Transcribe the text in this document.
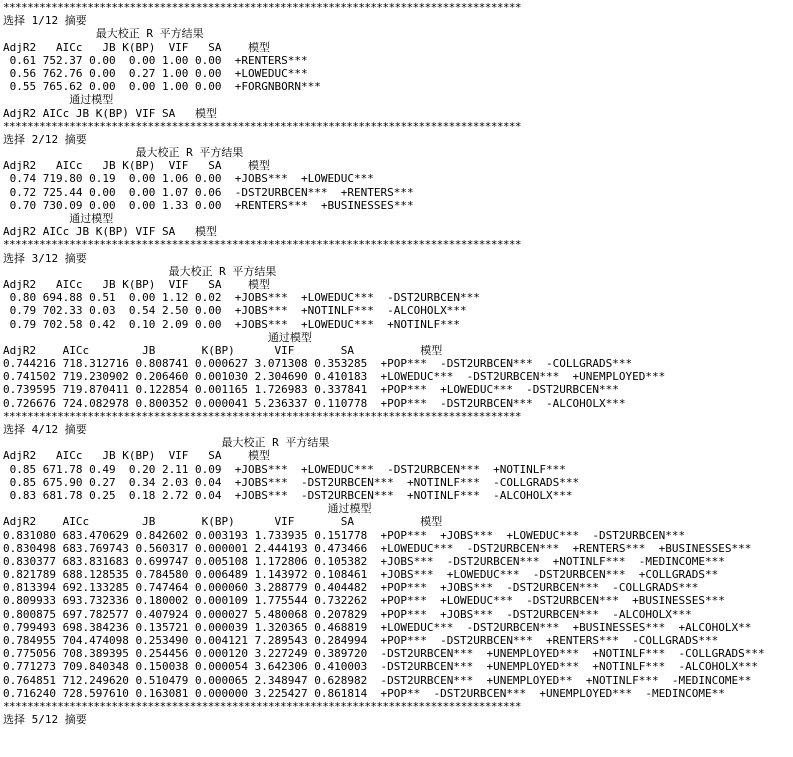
**************************************************************************************
选择 1/12 摘要
最大校正 R 平方结果
AdjR2   AICc   JB K(BP)  VIF   SA    模型
0.61 752.37 0.00  0.00 1.00 0.00  +RENTERS***
0.56 762.76 0.00  0.27 1.00 0.00  +LOWEDUC***
0.55 765.62 0.00  0.00 1.00 0.00  +FORGNBORN***
通过模型
AdjR2 AICc JB K(BP) VIF SA   模型
**************************************************************************************
选择 2/12 摘要
最大校正 R 平方结果
AdjR2   AICc   JB K(BP)  VIF   SA    模型
0.74 719.80 0.19  0.00 1.06 0.00  +JOBS***  +LOWEDUC***
0.72 725.44 0.00  0.00 1.07 0.06  -DST2URBCEN***  +RENTERS***
0.70 730.09 0.00  0.00 1.33 0.00  +RENTERS***  +BUSINESSES***
通过模型
AdjR2 AICc JB K(BP) VIF SA   模型
**************************************************************************************
选择 3/12 摘要
最大校正 R 平方结果
AdjR2   AICc   JB K(BP)  VIF   SA    模型
0.80 694.88 0.51  0.00 1.12 0.02  +JOBS***  +LOWEDUC***  -DST2URBCEN***
0.79 702.33 0.03  0.54 2.50 0.00  +JOBS***  +NOTINLF***  -ALCOHOLX***
0.79 702.58 0.42  0.10 2.09 0.00  +JOBS***  +LOWEDUC***  +NOTINLF***
通过模型
AdjR2    AICc        JB       K(BP)      VIF       SA          模型
0.744216 718.312716 0.808741 0.000627 3.071308 0.353285  +POP***  -DST2URBCEN***  -COLLGRADS***
0.741502 719.230902 0.206460 0.001030 2.304690 0.410183  +LOWEDUC***  -DST2URBCEN***  +UNEMPLOYED***
0.739595 719.870411 0.122854 0.001165 1.726983 0.337841  +POP***  +LOWEDUC***  -DST2URBCEN***
0.726676 724.082978 0.800352 0.000041 5.236337 0.110778  +POP***  -DST2URBCEN***  -ALCOHOLX***
**************************************************************************************
选择 4/12 摘要
最大校正 R 平方结果
AdjR2   AICc   JB K(BP)  VIF   SA    模型
0.85 671.78 0.49  0.20 2.11 0.09  +JOBS***  +LOWEDUC***  -DST2URBCEN***  +NOTINLF***
0.85 675.90 0.27  0.34 2.03 0.04  +JOBS***  -DST2URBCEN***  +NOTINLF***  -COLLGRADS***
0.83 681.78 0.25  0.18 2.72 0.04  +JOBS***  -DST2URBCEN***  +NOTINLF***  -ALCOHOLX***
通过模型
AdjR2    AICc        JB       K(BP)      VIF       SA          模型
0.831080 683.470629 0.842602 0.003193 1.733935 0.151778  +POP***  +JOBS***  +LOWEDUC***  -DST2URBCEN***
0.830498 683.769743 0.560317 0.000001 2.444193 0.473466  +LOWEDUC***  -DST2URBCEN***  +RENTERS***  +BUSINESSES***
0.830377 683.831683 0.699747 0.005108 1.172806 0.105382  +JOBS***  -DST2URBCEN***  +NOTINLF***  -MEDINCOME***
0.821789 688.128535 0.784580 0.006489 1.143972 0.108461  +JOBS***  +LOWEDUC***  -DST2URBCEN***  +COLLGRADS**
0.813394 692.133285 0.747464 0.000060 3.288779 0.404482  +POP***  +JOBS***  -DST2URBCEN***  -COLLGRADS***
0.809933 693.732336 0.180002 0.000109 1.775544 0.732262  +POP***  +LOWEDUC***  -DST2URBCEN***  +BUSINESSES***
0.800875 697.782577 0.407924 0.000027 5.480068 0.207829  +POP***  +JOBS***  -DST2URBCEN***  -ALCOHOLX***
0.799493 698.384236 0.135721 0.000039 1.320365 0.468819  +LOWEDUC***  -DST2URBCEN***  +BUSINESSES***  +ALCOHOLX**
0.784955 704.474098 0.253490 0.004121 7.289543 0.284994  +POP***  -DST2URBCEN***  +RENTERS***  -COLLGRADS***
0.775056 708.389395 0.254456 0.000120 3.227249 0.389720  -DST2URBCEN***  +UNEMPLOYED***  +NOTINLF***  -COLLGRADS***
0.771273 709.840348 0.150038 0.000054 3.642306 0.410003  -DST2URBCEN***  +UNEMPLOYED***  +NOTINLF***  -ALCOHOLX***
0.764851 712.249620 0.510479 0.000065 2.348947 0.628982  -DST2URBCEN***  +UNEMPLOYED**  +NOTINLF***  -MEDINCOME**
0.716240 728.597610 0.163081 0.000000 3.225427 0.861814  +POP**  -DST2URBCEN***  +UNEMPLOYED***  -MEDINCOME**
**************************************************************************************
选择 5/12 摘要
